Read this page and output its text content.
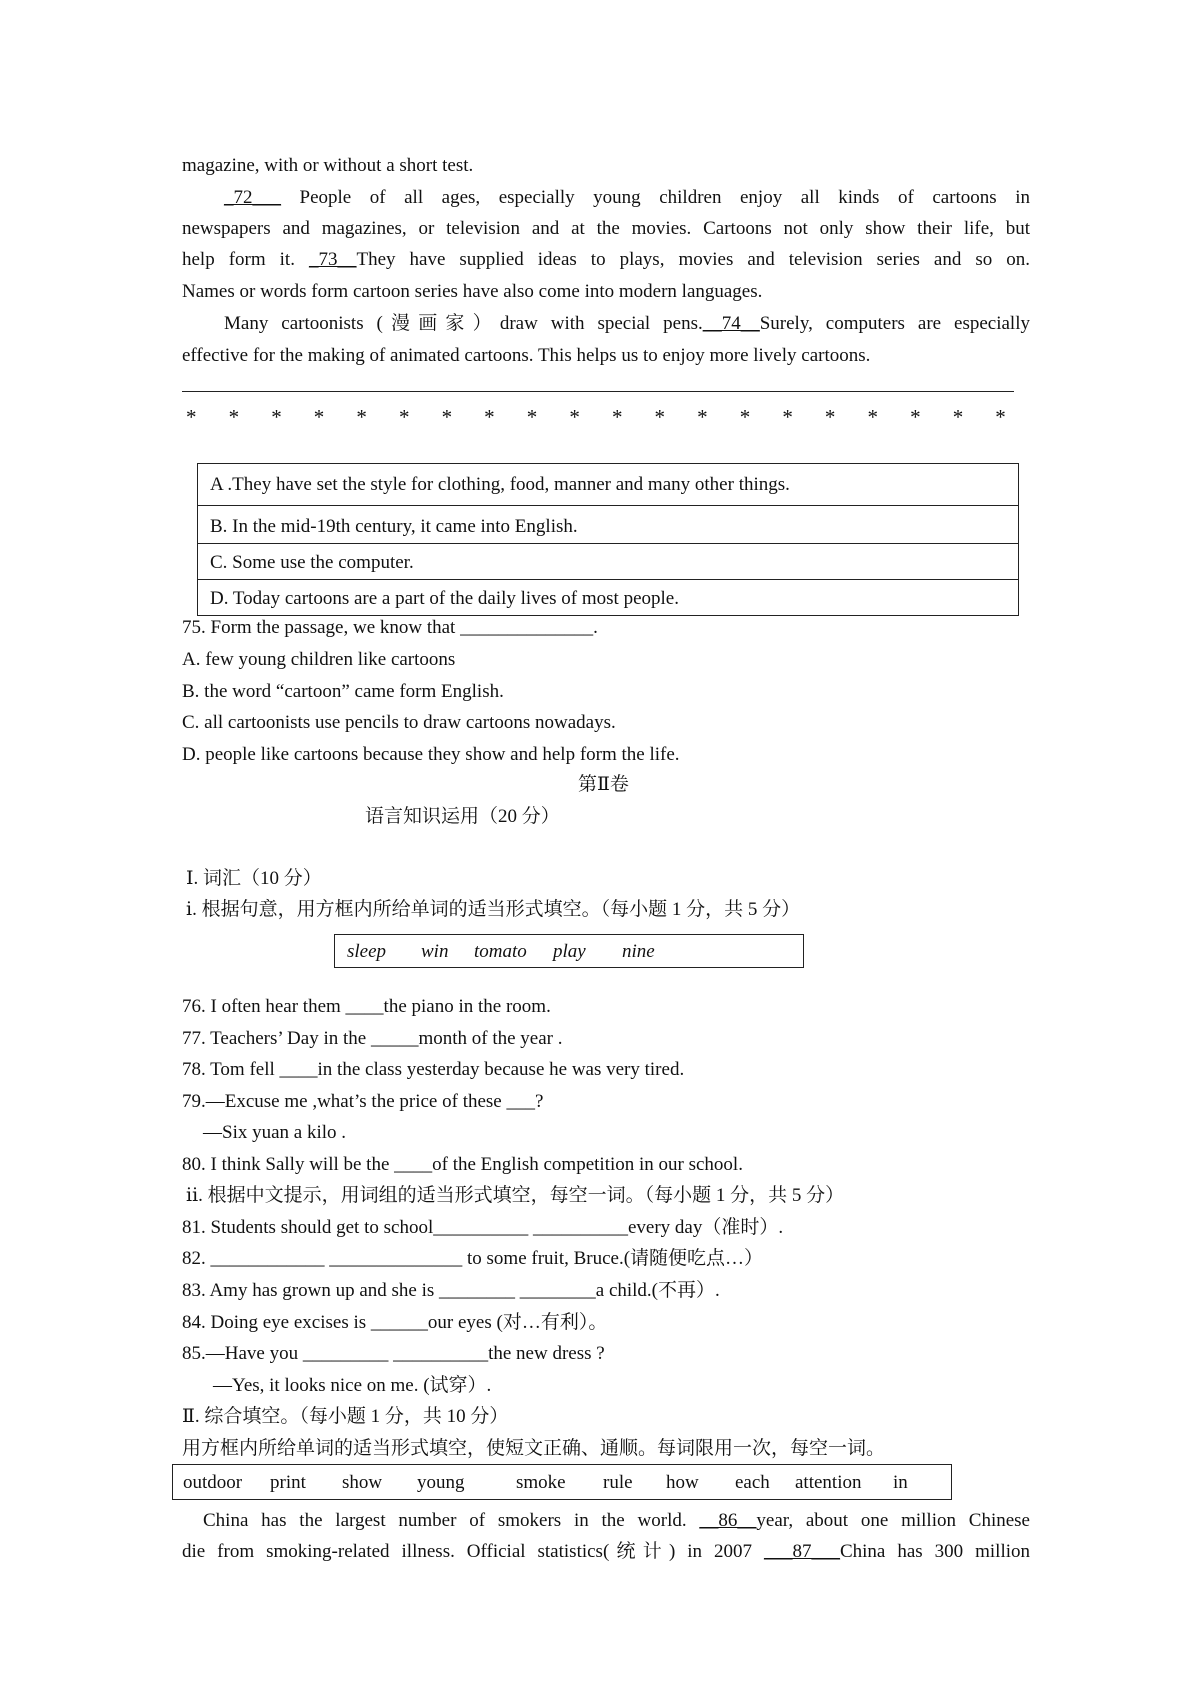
magazine, with or without a short test.
_72___ People of all ages, especially young children enjoy all kinds of cartoons in
newspapers and magazines, or television and at the movies. Cartoons not only show their life, but
help form it. _73__They have supplied ideas to plays, movies and television series and so on.
Names or words form cartoon series have also come into modern languages.
Many cartoonists (漫画家）draw with special pens.__74__Surely, computers are especially
effective for the making of animated cartoons. This helps us to enjoy more lively cartoons.
* * * * * * * * * * * * * * * * * * * *
A .They have set the style for clothing, food, manner and many other things.
B. In the mid-19th century, it came into English.
C. Some use the computer.
D. Today cartoons are a part of the daily lives of most people.
75. Form the passage, we know that ______________.
A. few young children like cartoons
B. the word “cartoon” came form English.
C. all cartoonists use pencils to draw cartoons nowadays.
D. people like cartoons because they show and help form the life.
第Ⅱ卷
语言知识运用（20 分）
Ⅰ. 词汇（10 分）
ⅰ. 根据句意，用方框内所给单词的适当形式填空。（每小题 1 分，共 5 分）
sleep win tomato play nine
76. I often hear them ____the piano in the room.
77. Teachers’ Day in the _____month of the year .
78. Tom fell ____in the class yesterday because he was very tired.
79.—Excuse me ,what’s the price of these ___?
—Six yuan a kilo .
80. I think Sally will be the ____of the English competition in our school.
ⅱ. 根据中文提示，用词组的适当形式填空，每空一词。（每小题 1 分，共 5 分）
81. Students should get to school__________ __________every day（准时）.
82. ____________ ______________ to some fruit, Bruce.(请随便吃点…）
83. Amy has grown up and she is ________ ________a child.(不再）.
84. Doing eye excises is ______our eyes (对…有利）。
85.—Have you _________ __________the new dress ?
—Yes, it looks nice on me. (试穿）.
Ⅱ. 综合填空。（每小题 1 分，共 10 分）
用方框内所给单词的适当形式填空，使短文正确、通顺。每词限用一次，每空一词。
outdoor print show young	smoke rule how each attention in
China has the largest number of smokers in the world. __86__year, about one million Chinese
die from smoking-related illness. Official statistics(统计) in 2007 ___87___China has 300 million
